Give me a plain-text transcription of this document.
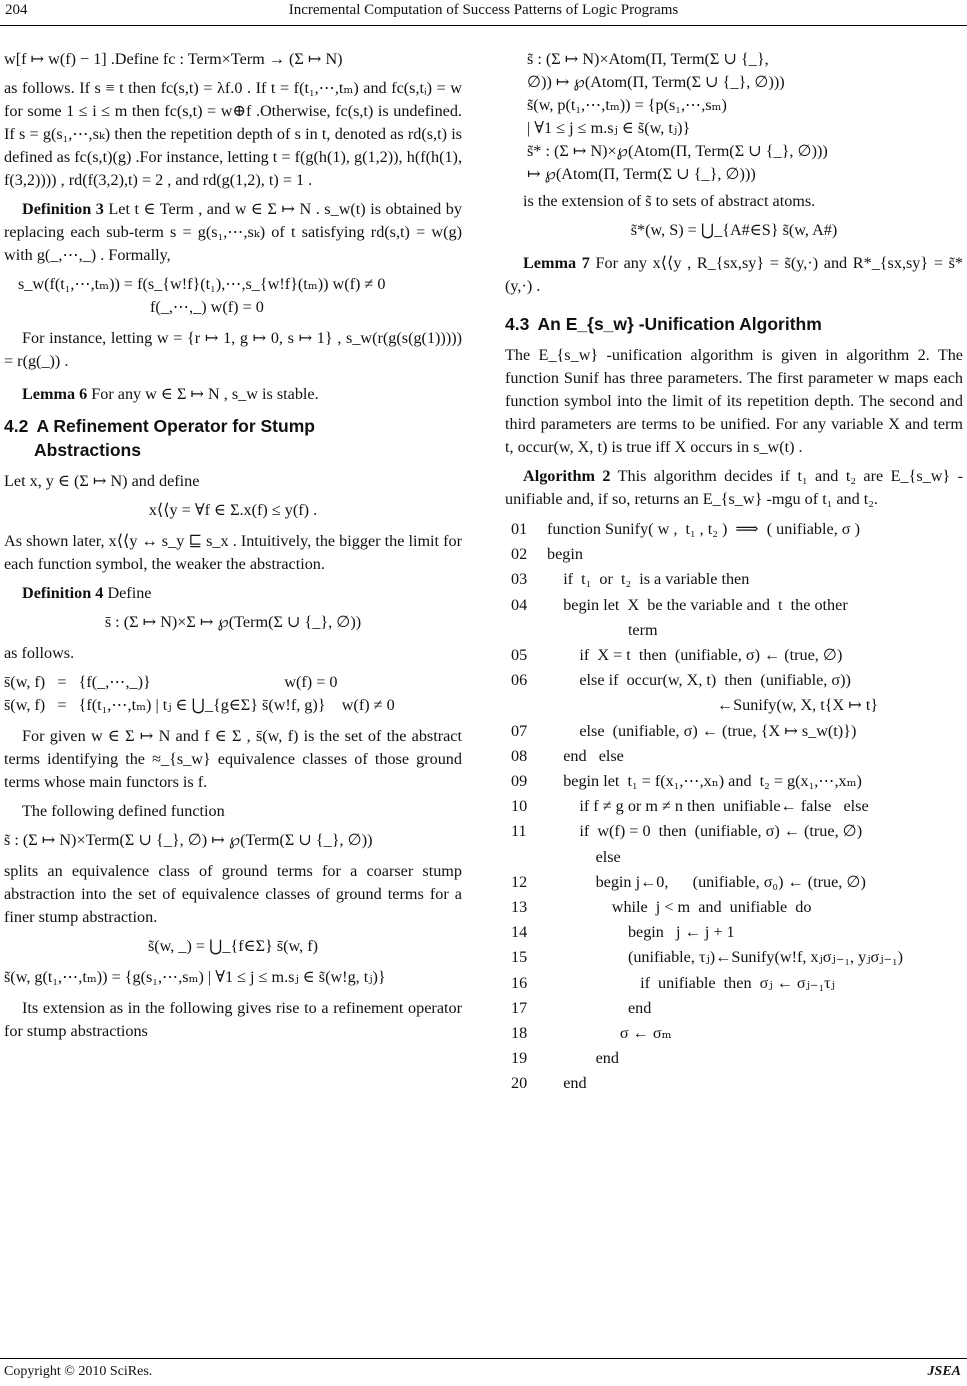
204	Incremental Computation of Success Patterns of Logic Programs

w[f ↦ w(f) − 1] .Define fc : Term×Term → (Σ ↦ N)

as follows. If s ≡ t then fc(s,t) = λf.0 . If t = f(t₁,⋯,tₘ) and fc(s,tᵢ) = w for some 1 ≤ i ≤ m then fc(s,t) = w⊕f .Otherwise, fc(s,t) is undefined. If s = g(s₁,⋯,sₖ) then the repetition depth of s in t, denoted as rd(s,t) is defined as fc(s,t)(g) .For instance, letting t = f(g(h(1), g(1,2)), h(f(h(1), f(3,2)))) , rd(f(3,2),t) = 2 , and rd(g(1,2), t) = 1 .

Definition 3 Let t ∈ Term , and w ∈ Σ ↦ N . s_w(t) is obtained by replacing each sub-term s = g(s₁,⋯,sₖ) of t satisfying rd(s,t) = w(g) with g(_,⋯,_) . Formally,

s_w(f(t₁,⋯,tₘ)) = f(s_{w!f}(t₁),⋯,s_{w!f}(tₘ)) w(f) ≠ 0
f(_,⋯,_) w(f) = 0

For instance, letting w = {r ↦ 1, g ↦ 0, s ↦ 1} , s_w(r(g(s(g(1))))) = r(g(_)) .

Lemma 6 For any w ∈ Σ ↦ N , s_w is stable.

4.2 A Refinement Operator for Stump
Abstractions

Let x, y ∈ (Σ ↦ N) and define

x⟨⟨y = ∀f ∈ Σ.x(f) ≤ y(f) .

As shown later, x⟨⟨y ↔ s_y ⊑ s_x . Intuitively, the bigger the limit for each function symbol, the weaker the abstraction.

Definition 4 Define

s̄ : (Σ ↦ N)×Σ ↦ ℘(Term(Σ ∪ {_}, ∅))

as follows.

s̄(w, f)   =   {f(_,⋯,_)}                                 w(f) = 0
s̄(w, f)   =   {f(t₁,⋯,tₘ) | tⱼ ∈ ⋃_{g∈Σ} s̄(w!f, g)}    w(f) ≠ 0

For given w ∈ Σ ↦ N and f ∈ Σ , s̄(w, f) is the set of the abstract terms identifying the ≈_{s_w} equivalence classes of those ground terms whose main functors is f.

The following defined function

s̃ : (Σ ↦ N)×Term(Σ ∪ {_}, ∅) ↦ ℘(Term(Σ ∪ {_}, ∅))

splits an equivalence class of ground terms for a coarser stump abstraction into the set of equivalence classes of ground terms for a finer stump abstraction.

s̃(w, _) = ⋃_{f∈Σ} s̄(w, f)
s̃(w, g(t₁,⋯,tₘ)) = {g(s₁,⋯,sₘ) | ∀1 ≤ j ≤ m.sⱼ ∈ s̃(w!g, tⱼ)}

Its extension as in the following gives rise to a refinement operator for stump abstractions

s̃ : (Σ ↦ N)×Atom(Π, Term(Σ ∪ {_},
∅)) ↦ ℘(Atom(Π, Term(Σ ∪ {_}, ∅)))
s̃(w, p(t₁,⋯,tₘ)) = {p(s₁,⋯,sₘ)
| ∀1 ≤ j ≤ m.sⱼ ∈ s̃(w, tⱼ)}
s̃* : (Σ ↦ N)×℘(Atom(Π, Term(Σ ∪ {_}, ∅)))
↦ ℘(Atom(Π, Term(Σ ∪ {_}, ∅)))

is the extension of s̃ to sets of abstract atoms.

s̃*(w, S) = ⋃_{A#∈S} s̃(w, A#)

Lemma 7 For any x⟨⟨y , R_{sx,sy} = s̃(y,·) and R*_{sx,sy} = s̃*(y,·) .

4.3 An E_{s_w} -Unification Algorithm

The E_{s_w} -unification algorithm is given in algorithm 2. The function Sunif has three parameters. The first parameter w maps each function symbol into the limit of its repetition depth. The second and third parameters are terms to be unified. For any variable X and term t, occur(w, X, t) is true iff X occurs in s_w(t) .

Algorithm 2 This algorithm decides if t₁ and t₂ are E_{s_w} -unifiable and, if so, returns an E_{s_w} -mgu of t₁ and t₂.

01	function Sunify( w ,  t₁ , t₂ )  ⟹  ( unifiable, σ )
02	begin
03	if  t₁  or  t₂  is a variable then
04	begin let  X  be the variable and  t  the other
term
05	if  X = t  then  (unifiable, σ) ← (true, ∅)
06	else if  occur(w, X, t)  then  (unifiable, σ))
←Sunify(w, X, t{X ↦ t}
07	else  (unifiable, σ) ← (true, {X ↦ s_w(t)})
08	end   else
09	begin let  t₁ = f(x₁,⋯,xₙ) and  t₂ = g(x₁,⋯,xₘ)
10	if f ≠ g or m ≠ n then  unifiable← false   else
11	if  w(f) = 0  then  (unifiable, σ) ← (true, ∅)
else
12	begin j←0,      (unifiable, σ₀) ← (true, ∅)
13	while  j < m  and  unifiable  do
14	begin   j ← j + 1
15	(unifiable, τⱼ)←Sunify(w!f, xⱼσⱼ₋₁, yⱼσⱼ₋₁)
16	if  unifiable  then  σⱼ ← σⱼ₋₁τⱼ
17	end
18	σ ← σₘ
19	end
20	end
Copyright © 2010 SciRes.	JSEA
